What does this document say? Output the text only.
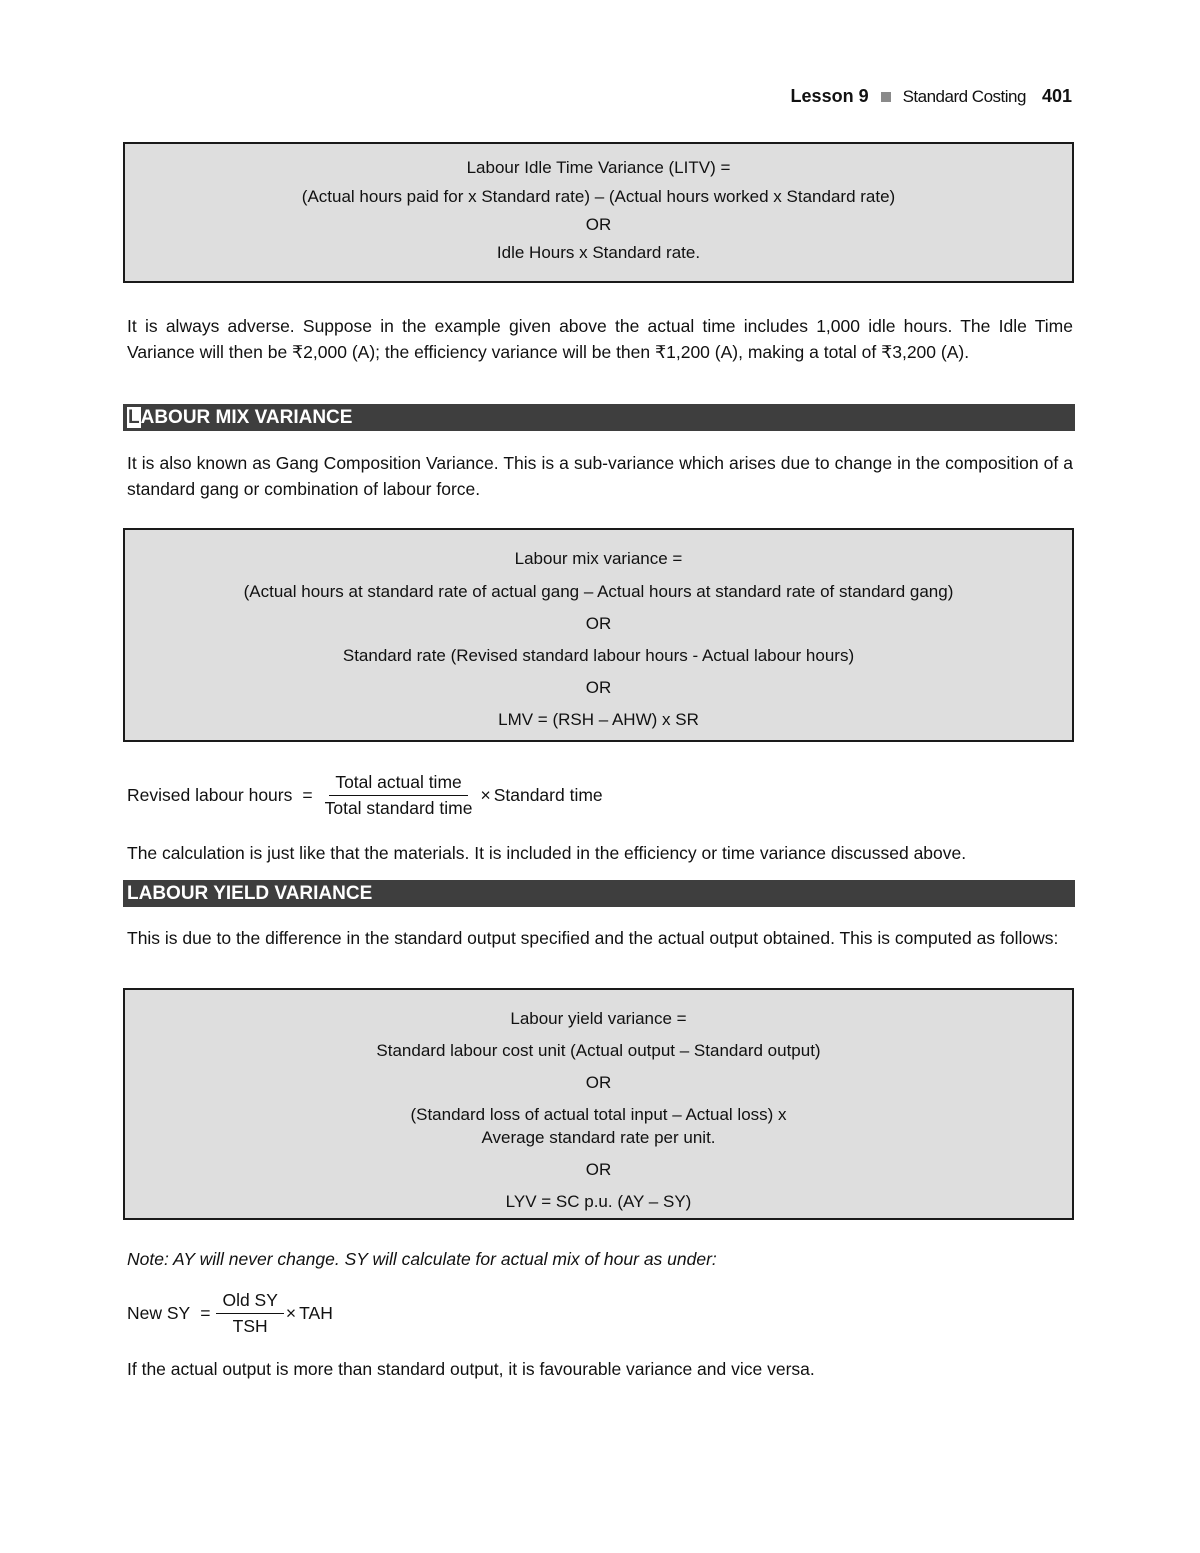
Lesson 9 Standard Costing 401
Labour Idle Time Variance (LITV) =
(Actual hours paid for x Standard rate) – (Actual hours worked x Standard rate)
OR
Idle Hours x Standard rate.

It is always adverse. Suppose in the example given above the actual time includes 1,000 idle hours. The Idle Time Variance will then be ₹2,000 (A); the efficiency variance will be then ₹1,200 (A), making a total of ₹3,200 (A).

LABOUR MIX VARIANCE

It is also known as Gang Composition Variance. This is a sub-variance which arises due to change in the composition of a standard gang or combination of labour force.

Labour mix variance =
(Actual hours at standard rate of actual gang – Actual hours at standard rate of standard gang)
OR
Standard rate (Revised standard labour hours - Actual labour hours)
OR
LMV = (RSH – AHW) x SR
Revised labour hours = $\frac{\text{Total actual time}}{\text{Total standard time}}$ × Standard time

The calculation is just like that the materials. It is included in the efficiency or time variance discussed above.

LABOUR YIELD VARIANCE

This is due to the difference in the standard output specified and the actual output obtained. This is computed as follows:

Labour yield variance =
Standard labour cost unit (Actual output – Standard output)
OR
(Standard loss of actual total input – Actual loss) x
Average standard rate per unit.
OR
LYV = SC p.u. (AY – SY)

Note: AY will never change. SY will calculate for actual mix of hour as under:

New SY = $\frac{\text{Old SY}}{\text{TSH}}$ × TAH

If the actual output is more than standard output, it is favourable variance and vice versa.
